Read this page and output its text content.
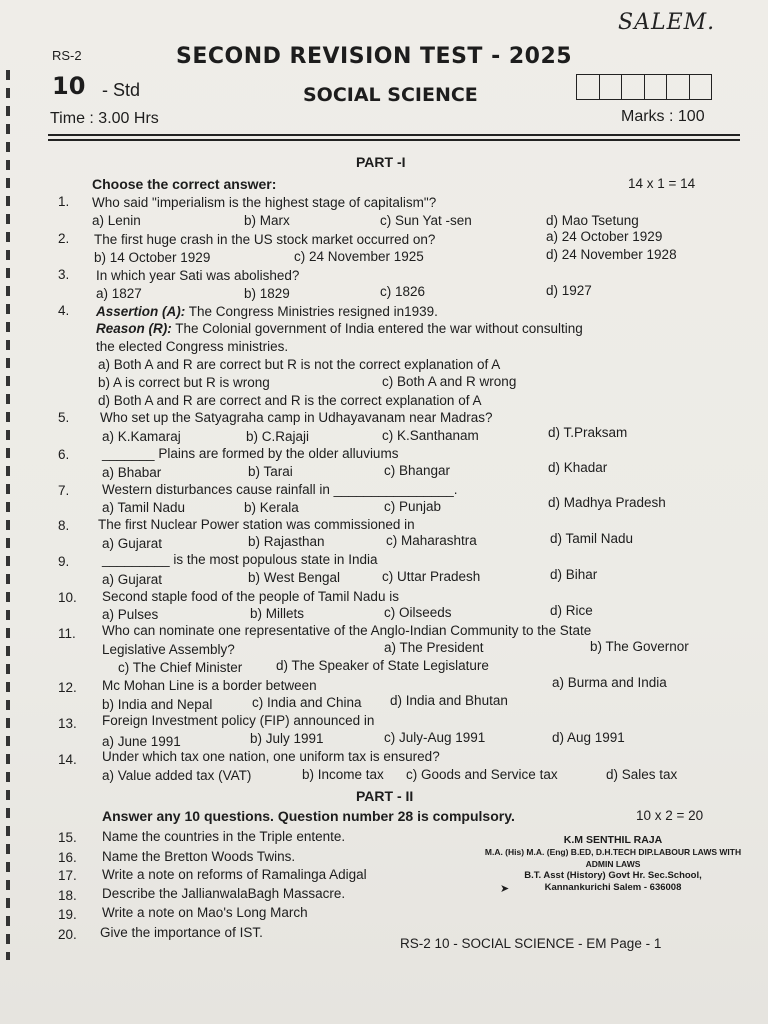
SALEM.
RS-2	SECOND REVISION TEST - 2025
10 - Std	SOCIAL SCIENCE
Time : 3.00 Hrs	Marks : 100
PART -I
Choose the correct answer:	14 x 1 = 14
1. Who said "imperialism is the highest stage of capitalism"?
a) Lenin	b) Marx	c) Sun Yat -sen	d) Mao Tsetung
2. The first huge crash in the US stock market occurred on?	a) 24 October 1929
b) 14 October 1929	c) 24 November 1925	d) 24 November 1928
3. In which year Sati was abolished?
a) 1827	b) 1829	c) 1826	d) 1927
4. Assertion (A): The Congress Ministries resigned in1939.
Reason (R): The Colonial government of India entered the war without consulting
the elected Congress ministries.
a) Both A and R are correct but R is not the correct explanation of A
b) A is correct but R is wrong	c) Both A and R wrong
d) Both A and R are correct and R is the correct explanation of A
5. Who set up the Satyagraha camp in Udhayavanam near Madras?
a) K.Kamaraj	b) C.Rajaji	c) K.Santhanam	d) T.Praksam
6. _______ Plains are formed by the older alluviums
a) Bhabar	b) Tarai	c) Bhangar	d) Khadar
7. Western disturbances cause rainfall in ________________.
a) Tamil Nadu	b) Kerala	c) Punjab	d) Madhya Pradesh
8. The first Nuclear Power station was commissioned in
a) Gujarat	b) Rajasthan	c) Maharashtra	d) Tamil Nadu
9. _________ is the most populous state in India
a) Gujarat	b) West Bengal	c) Uttar Pradesh	d) Bihar
10. Second staple food of the people of Tamil Nadu is
a) Pulses	b) Millets	c) Oilseeds	d) Rice
11. Who can nominate one representative of the Anglo-Indian Community to the State
Legislative Assembly?	a) The President	b) The Governor
c) The Chief Minister d) The Speaker of State Legislature
12. Mc Mohan Line is a border between	a) Burma and India
b) India and Nepal	c) India and China d) India and Bhutan
13. Foreign Investment policy (FIP) announced in
a) June 1991	b) July 1991	c) July-Aug 1991	d) Aug 1991
14. Under which tax one nation, one uniform tax is ensured?
a) Value added tax (VAT)	b) Income tax c) Goods and Service tax	d) Sales tax
PART - II
Answer any 10 questions. Question number 28 is compulsory.	10 x 2 = 20
15. Name the countries in the Triple entente.
16. Name the Bretton Woods Twins.
17. Write a note on reforms of Ramalinga Adigal
18. Describe the JallianwalaBagh Massacre.
19. Write a note on Mao's Long March
20. Give the importance of IST.
K.M SENTHIL RAJA
M.A. (His) M.A. (Eng) B.ED, D.H.TECH DIP.LABOUR LAWS WITH
ADMIN LAWS
B.T. Asst (History) Govt Hr. Sec.School,
Kannankurichi Salem - 636008
➤
RS-2 10 - SOCIAL SCIENCE - EM Page - 1
